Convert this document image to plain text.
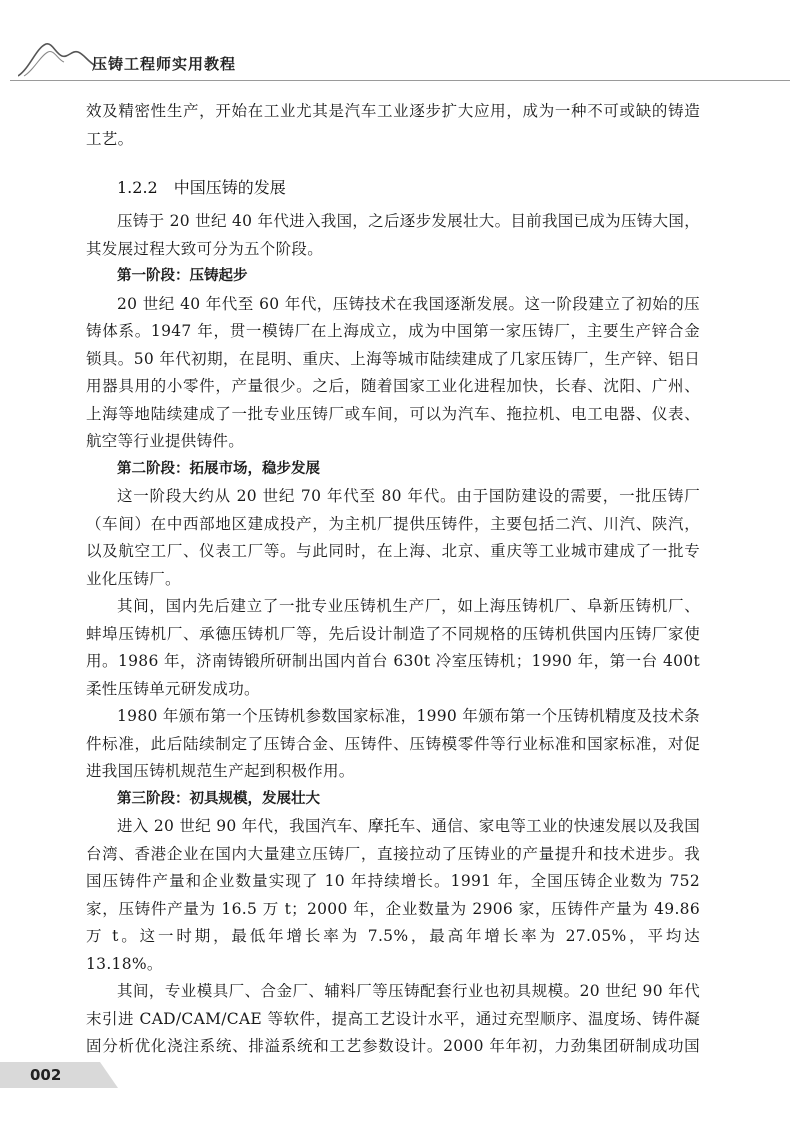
压铸工程师实用教程

效及精密性生产，开始在工业尤其是汽车工业逐步扩大应用，成为一种不可或缺的铸造工艺。

1.2.2 中国压铸的发展

压铸于 20 世纪 40 年代进入我国，之后逐步发展壮大。目前我国已成为压铸大国，其发展过程大致可分为五个阶段。

第一阶段：压铸起步

20 世纪 40 年代至 60 年代，压铸技术在我国逐渐发展。这一阶段建立了初始的压铸体系。1947 年，贯一模铸厂在上海成立，成为中国第一家压铸厂，主要生产锌合金锁具。50 年代初期，在昆明、重庆、上海等城市陆续建成了几家压铸厂，生产锌、铝日用器具用的小零件，产量很少。之后，随着国家工业化进程加快，长春、沈阳、广州、上海等地陆续建成了一批专业压铸厂或车间，可以为汽车、拖拉机、电工电器、仪表、航空等行业提供铸件。

第二阶段：拓展市场，稳步发展

这一阶段大约从 20 世纪 70 年代至 80 年代。由于国防建设的需要，一批压铸厂（车间）在中西部地区建成投产，为主机厂提供压铸件，主要包括二汽、川汽、陕汽，以及航空工厂、仪表工厂等。与此同时，在上海、北京、重庆等工业城市建成了一批专业化压铸厂。

其间，国内先后建立了一批专业压铸机生产厂，如上海压铸机厂、阜新压铸机厂、蚌埠压铸机厂、承德压铸机厂等，先后设计制造了不同规格的压铸机供国内压铸厂家使用。1986 年，济南铸锻所研制出国内首台 630t 冷室压铸机；1990 年，第一台 400t 柔性压铸单元研发成功。

1980 年颁布第一个压铸机参数国家标准，1990 年颁布第一个压铸机精度及技术条件标准，此后陆续制定了压铸合金、压铸件、压铸模零件等行业标准和国家标准，对促进我国压铸机规范生产起到积极作用。

第三阶段：初具规模，发展壮大

进入 20 世纪 90 年代，我国汽车、摩托车、通信、家电等工业的快速发展以及我国台湾、香港企业在国内大量建立压铸厂，直接拉动了压铸业的产量提升和技术进步。我国压铸件产量和企业数量实现了 10 年持续增长。1991 年，全国压铸企业数为 752 家，压铸件产量为 16.5 万 t；2000 年，企业数量为 2906 家，压铸件产量为 49.86 万 t。这一时期，最低年增长率为 7.5%，最高年增长率为 27.05%，平均达 13.18%。

其间，专业模具厂、合金厂、辅料厂等压铸配套行业也初具规模。20 世纪 90 年代末引进 CAD/CAM/CAE 等软件，提高工艺设计水平，通过充型顺序、温度场、铸件凝固分析优化浇注系统、排溢系统和工艺参数设计。2000 年年初，力劲集团研制成功国

002
